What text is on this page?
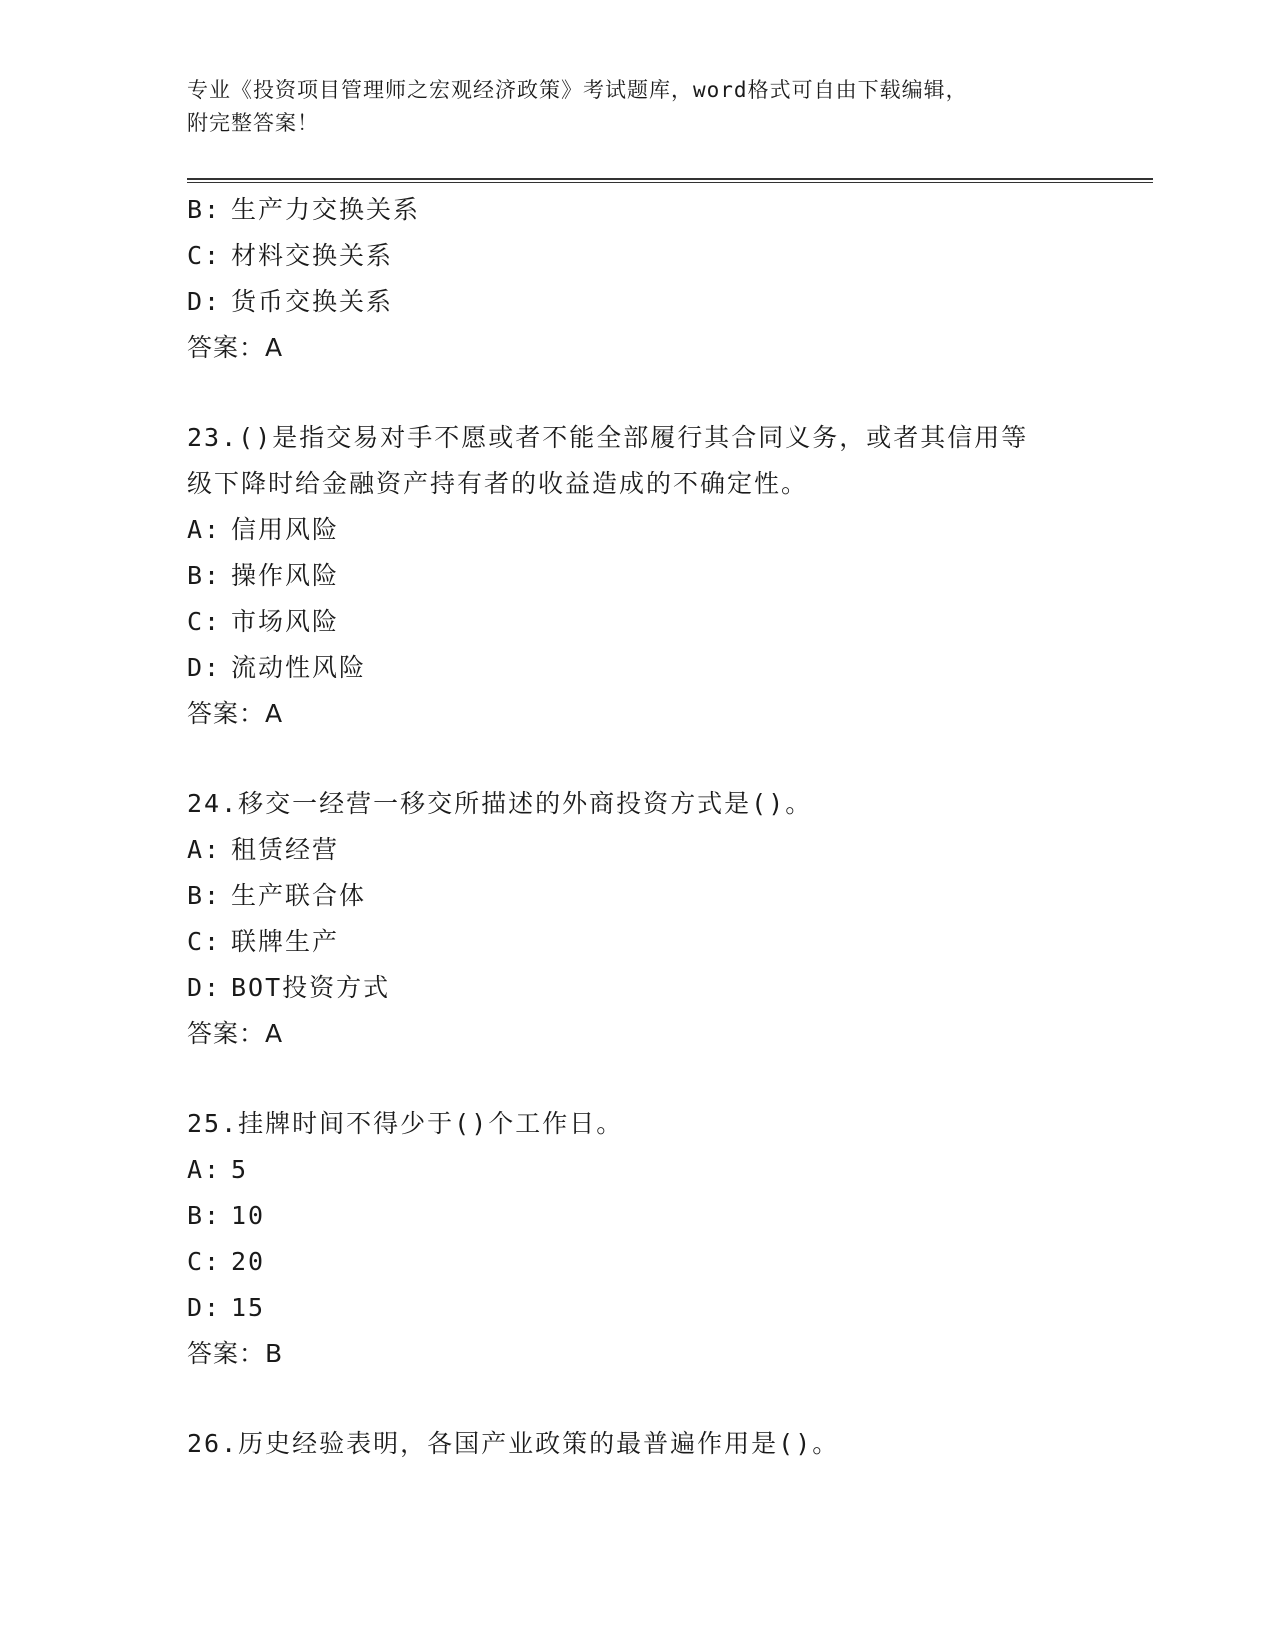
专业《投资项目管理师之宏观经济政策》考试题库，word格式可自由下载编辑，
附完整答案！
B: 生产力交换关系
C: 材料交换关系
D: 货币交换关系
答案：A
23.()是指交易对手不愿或者不能全部履行其合同义务，或者其信用等
级下降时给金融资产持有者的收益造成的不确定性。
A: 信用风险
B: 操作风险
C: 市场风险
D: 流动性风险
答案：A
24.移交一经营一移交所描述的外商投资方式是()。
A: 租赁经营
B: 生产联合体
C: 联牌生产
D: BOT投资方式
答案：A
25.挂牌时间不得少于()个工作日。
A: 5
B: 10
C: 20
D: 15
答案：B
26.历史经验表明，各国产业政策的最普遍作用是()。
